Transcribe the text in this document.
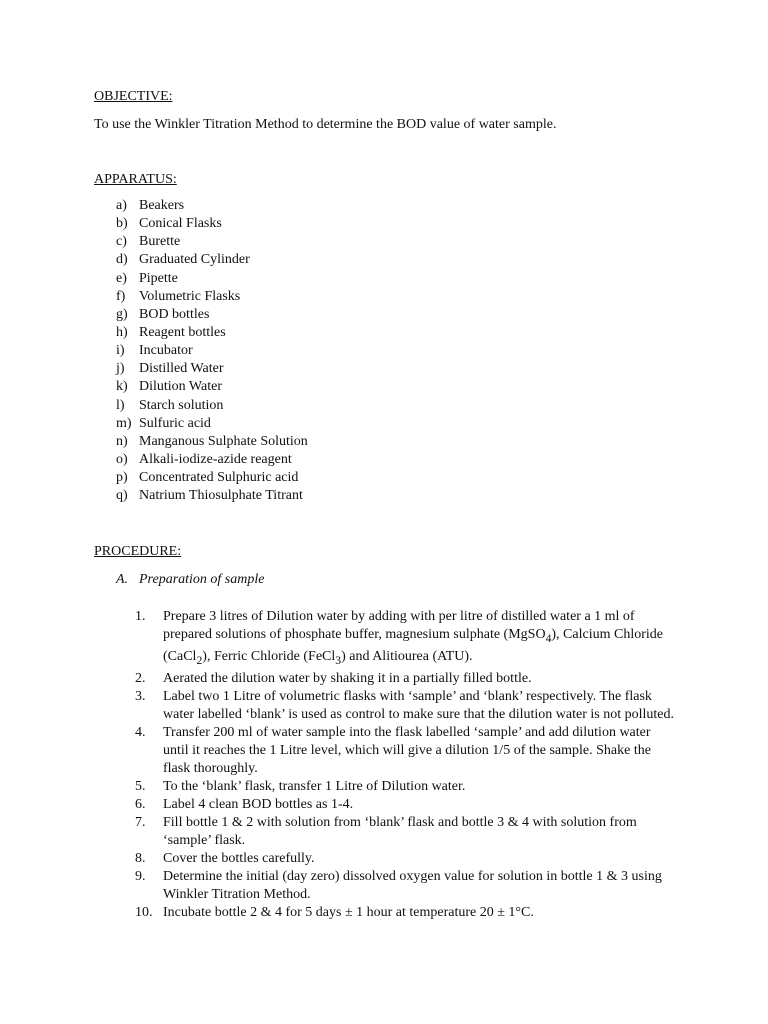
OBJECTIVE:
To use the Winkler Titration Method to determine the BOD value of water sample.
APPARATUS:
a) Beakers
b) Conical Flasks
c) Burette
d) Graduated Cylinder
e) Pipette
f) Volumetric Flasks
g) BOD bottles
h) Reagent bottles
i)	Incubator
j)	Distilled Water
k) Dilution Water
l)	Starch solution
m) Sulfuric acid
n) Manganous Sulphate Solution
o) Alkali-iodize-azide reagent
p) Concentrated Sulphuric acid
q) Natrium Thiosulphate Titrant
PROCEDURE:
A. Preparation of sample
1.	Prepare 3 litres of Dilution water by adding with per litre of distilled water a 1 ml of prepared solutions of phosphate buffer, magnesium sulphate (MgSO$_4$), Calcium Chloride (CaCl$_2$), Ferric Chloride (FeCl$_3$) and Alitiourea (ATU).
2.	Aerated the dilution water by shaking it in a partially filled bottle.
3.	Label two 1 Litre of volumetric flasks with ‘sample’ and ‘blank’ respectively. The flask water labelled ‘blank’ is used as control to make sure that the dilution water is not polluted.
4.	Transfer 200 ml of water sample into the flask labelled ‘sample’ and add dilution water until it reaches the 1 Litre level, which will give a dilution 1/5 of the sample. Shake the flask thoroughly.
5.	To the ‘blank’ flask, transfer 1 Litre of Dilution water.
6.	Label 4 clean BOD bottles as 1-4.
7.	Fill bottle 1 & 2 with solution from ‘blank’ flask and bottle 3 & 4 with solution from ‘sample’ flask.
8.	Cover the bottles carefully.
9.	Determine the initial (day zero) dissolved oxygen value for solution in bottle 1 & 3 using Winkler Titration Method.
10. Incubate bottle 2 & 4 for 5 days ± 1 hour at temperature 20 ± 1°C.
